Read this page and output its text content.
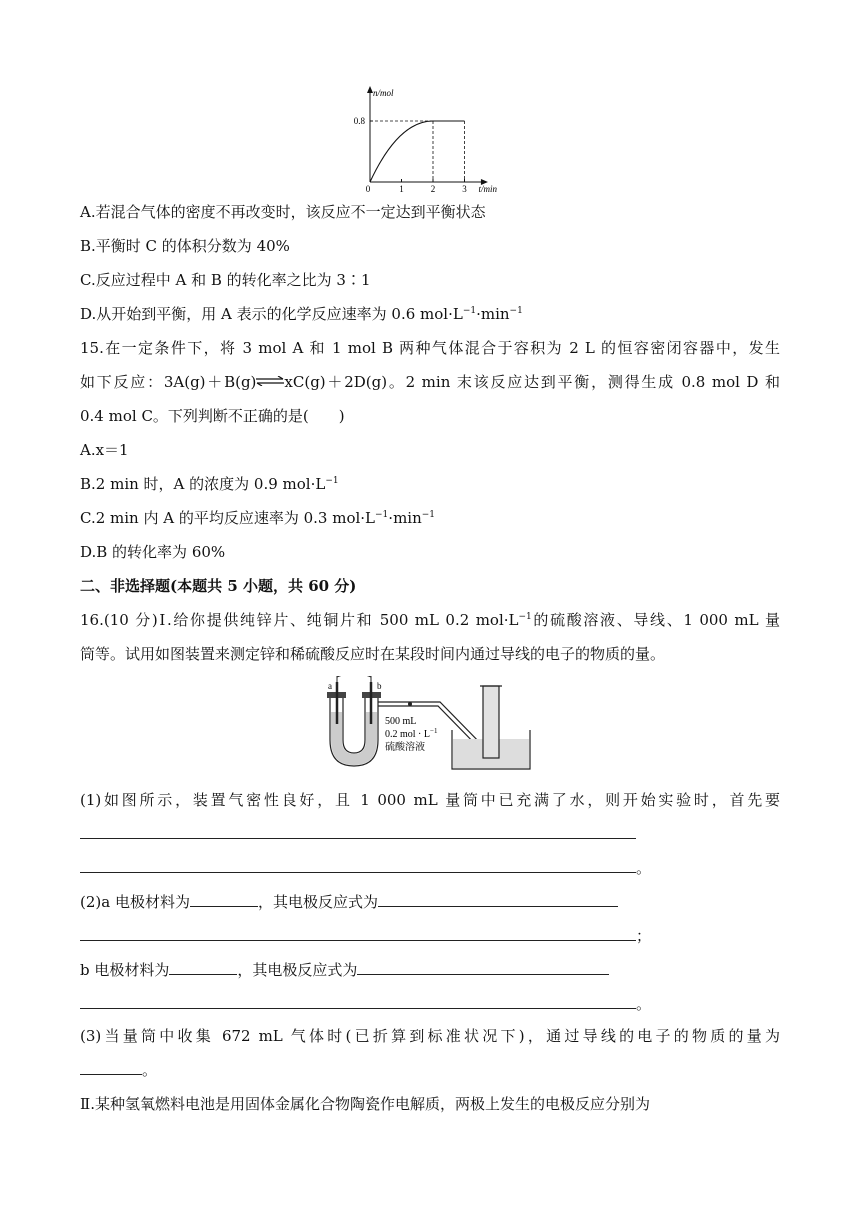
0	1	2	3
0.8
n/mol
t/min
A.若混合气体的密度不再改变时，该反应不一定达到平衡状态
B.平衡时 C 的体积分数为 40%
C.反应过程中 A 和 B 的转化率之比为 3∶1
D.从开始到平衡，用 A 表示的化学反应速率为 0.6 $mol\cdot L^{-1}\cdot\min^{-1}$
15.在一定条件下，将 3 mol A 和 1 mol B 两种气体混合于容积为 2 L 的恒容密闭容器中，发生
如下反应：3A(g)＋B(g)⇌xC(g)＋2D(g)。2 min 末该反应达到平衡，测得生成 0.8 mol D 和
0.4 mol C。下列判断不正确的是(　　)
A.x＝1
B.2 min 时，A 的浓度为 0.9 $mol\cdot L^{-1}$
C.2 min 内 A 的平均反应速率为 0.3 $mol\cdot L^{-1}\cdot\min^{-1}$
D.B 的转化率为 60%
二、非选择题(本题共 5 小题，共 60 分)
16.(10 分)Ⅰ.给你提供纯锌片、纯铜片和 500 mL 0.2 $mol\cdot L^{-1}$的硫酸溶液、导线、1 000 mL 量
筒等。试用如图装置来测定锌和稀硫酸反应时在某段时间内通过导线的电子的物质的量。
a	b
500 mL
0.2 mol · $L^{-1}$
硫酸溶液
(1)如图所示，装置气密性良好，且 1 000 mL 量筒中已充满了水，则开始实验时，首先要
。
(2)a 电极材料为	，其电极反应式为
；
b 电极材料为	，其电极反应式为
。
(3)当量筒中收集 672 mL 气体时(已折算到标准状况下)，通过导线的电子的物质的量为
。
Ⅱ.某种氢氧燃料电池是用固体金属化合物陶瓷作电解质，两极上发生的电极反应分别为
